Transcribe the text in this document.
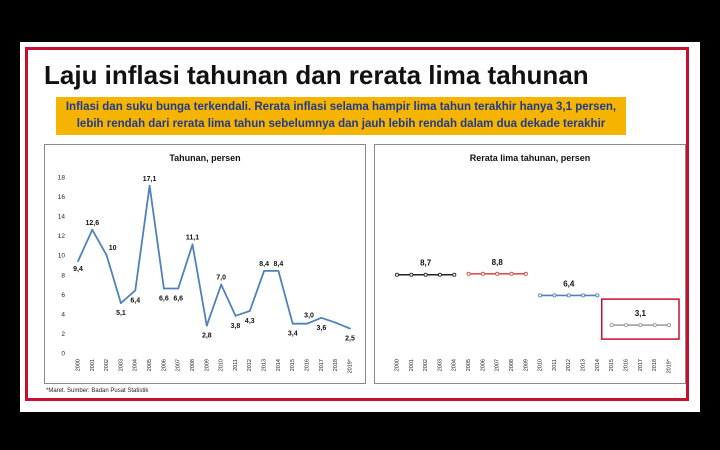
Laju inflasi tahunan dan rerata lima tahunan
Inflasi dan suku bunga terkendali. Rerata inflasi selama hampir lima tahun terakhir hanya 3,1 persen,
lebih rendah dari rerata lima tahun sebelumnya dan jauh lebih rendah dalam dua dekade terakhir
Tahunan, persen
0
2
4
6
8
10
12
14
16
18
2000 2001 2002 2003 2004 2005 2006 2007 2008 2009 2010 2011 2012 2013 2014 2015 2016 2017 2018 2019*
9,4
12,6
10
5,1
6,4
17,1
6,6 6,6
11,1
2,8
7,0
3,8
4,3
8,4 8,4
3,4
3,0
3,6
2,5
Rerata lima tahunan, persen
2000 2001 2002 2003 2004 2005 2006 2007 2008 2009 2010 2011 2012 2013 2014 2015 2016 2017 2018 2019*
8,7	8,8
6,4
3,1
*Maret. Sumber: Badan Pusat Statistik
